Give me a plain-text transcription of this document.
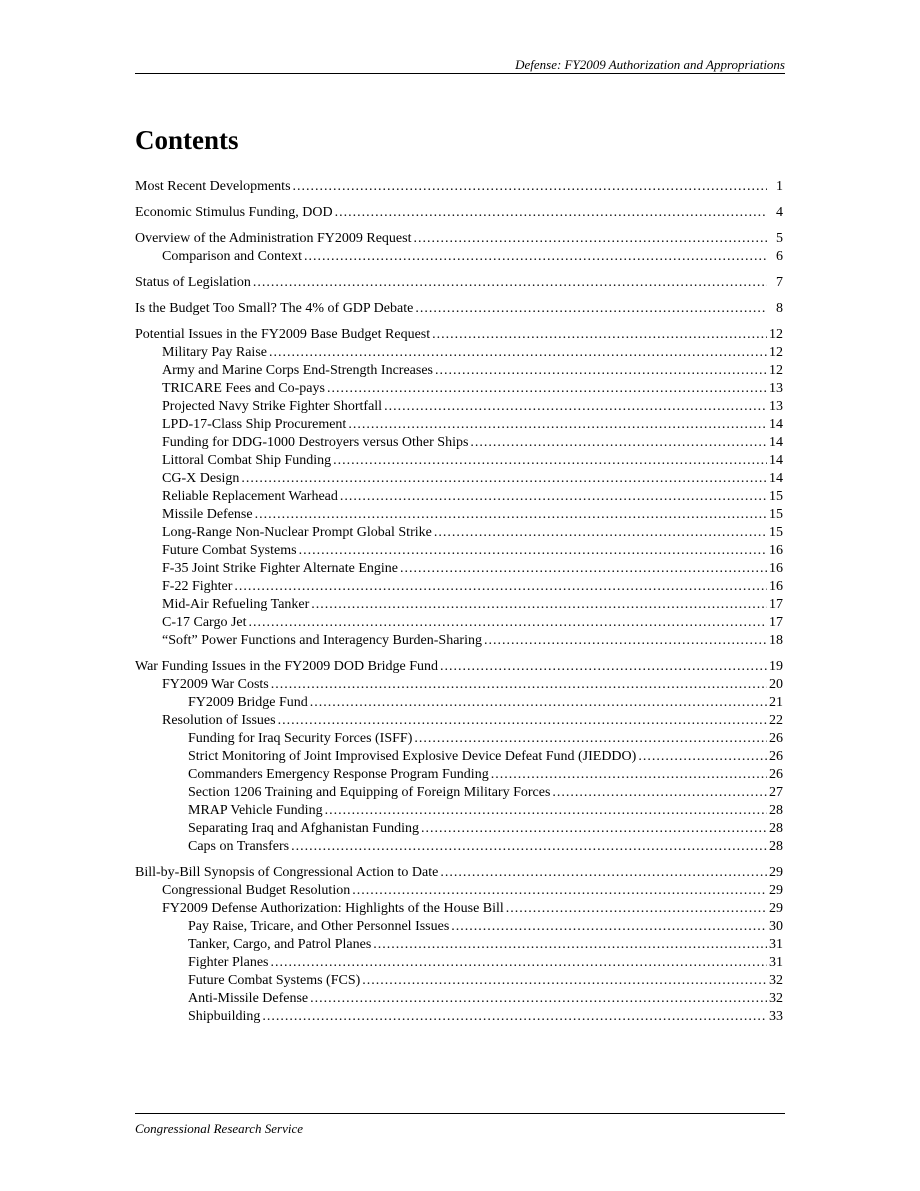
Defense: FY2009 Authorization and Appropriations
Contents
Most Recent Developments .....	1
Economic Stimulus Funding, DOD .....	4
Overview of the Administration FY2009 Request .....	5
Comparison and Context .....	6
Status of Legislation .....	7
Is the Budget Too Small? The 4% of GDP Debate .....	8
Potential Issues in the FY2009 Base Budget Request .....	12
Military Pay Raise .....	12
Army and Marine Corps End-Strength Increases .....	12
TRICARE Fees and Co-pays .....	13
Projected Navy Strike Fighter Shortfall .....	13
LPD-17-Class Ship Procurement .....	14
Funding for DDG-1000 Destroyers versus Other Ships .....	14
Littoral Combat Ship Funding .....	14
CG-X Design .....	14
Reliable Replacement Warhead .....	15
Missile Defense .....	15
Long-Range Non-Nuclear Prompt Global Strike .....	15
Future Combat Systems .....	16
F-35 Joint Strike Fighter Alternate Engine .....	16
F-22 Fighter .....	16
Mid-Air Refueling Tanker .....	17
C-17 Cargo Jet .....	17
“Soft” Power Functions and Interagency Burden-Sharing .....	18
War Funding Issues in the FY2009 DOD Bridge Fund .....	19
FY2009 War Costs .....	20
FY2009 Bridge Fund .....	21
Resolution of Issues .....	22
Funding for Iraq Security Forces (ISFF) .....	26
Strict Monitoring of Joint Improvised Explosive Device Defeat Fund (JIEDDO) .....	26
Commanders Emergency Response Program Funding .....	26
Section 1206 Training and Equipping of Foreign Military Forces .....	27
MRAP Vehicle Funding .....	28
Separating Iraq and Afghanistan Funding .....	28
Caps on Transfers .....	28
Bill-by-Bill Synopsis of Congressional Action to Date .....	29
Congressional Budget Resolution .....	29
FY2009 Defense Authorization: Highlights of the House Bill .....	29
Pay Raise, Tricare, and Other Personnel Issues .....	30
Tanker, Cargo, and Patrol Planes .....	31
Fighter Planes .....	31
Future Combat Systems (FCS) .....	32
Anti-Missile Defense .....	32
Shipbuilding .....	33
Congressional Research Service
